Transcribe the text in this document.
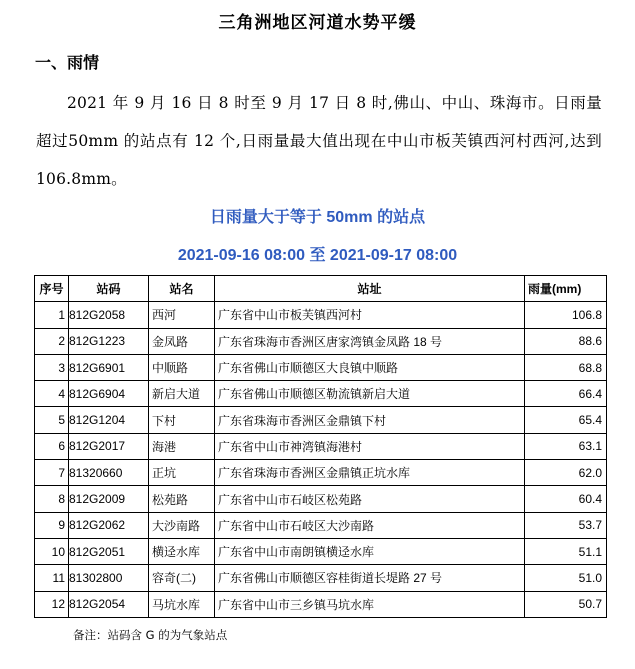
三角洲地区河道水势平缓
一、雨情
2021 年 9 月 16 日 8 时至 9 月 17 日 8 时,佛山、中山、珠海市。日雨量超过50mm 的站点有 12 个,日雨量最大值出现在中山市板芙镇西河村西河,达到 106.8mm。
日雨量大于等于 50mm 的站点
2021-09-16 08:00 至 2021-09-17 08:00
序号	站码	站名	站址	雨量(mm)
1	812G2058	西河	广东省中山市板芙镇西河村	106.8
2	812G1223	金凤路	广东省珠海市香洲区唐家湾镇金凤路 18 号	88.6
3	812G6901	中顺路	广东省佛山市顺德区大良镇中顺路	68.8
4	812G6904	新启大道	广东省佛山市顺德区勒流镇新启大道	66.4
5	812G1204	下村	广东省珠海市香洲区金鼎镇下村	65.4
6	812G2017	海港	广东省中山市神湾镇海港村	63.1
7	81320660	正坑	广东省珠海市香洲区金鼎镇正坑水库	62.0
8	812G2009	松苑路	广东省中山市石岐区松苑路	60.4
9	812G2062	大沙南路	广东省中山市石岐区大沙南路	53.7
10	812G2051	横迳水库	广东省中山市南朗镇横迳水库	51.1
11	81302800	容奇(二)	广东省佛山市顺德区容桂街道长堤路 27 号	51.0
12	812G2054	马坑水库	广东省中山市三乡镇马坑水库	50.7
备注：站码含 G 的为气象站点
